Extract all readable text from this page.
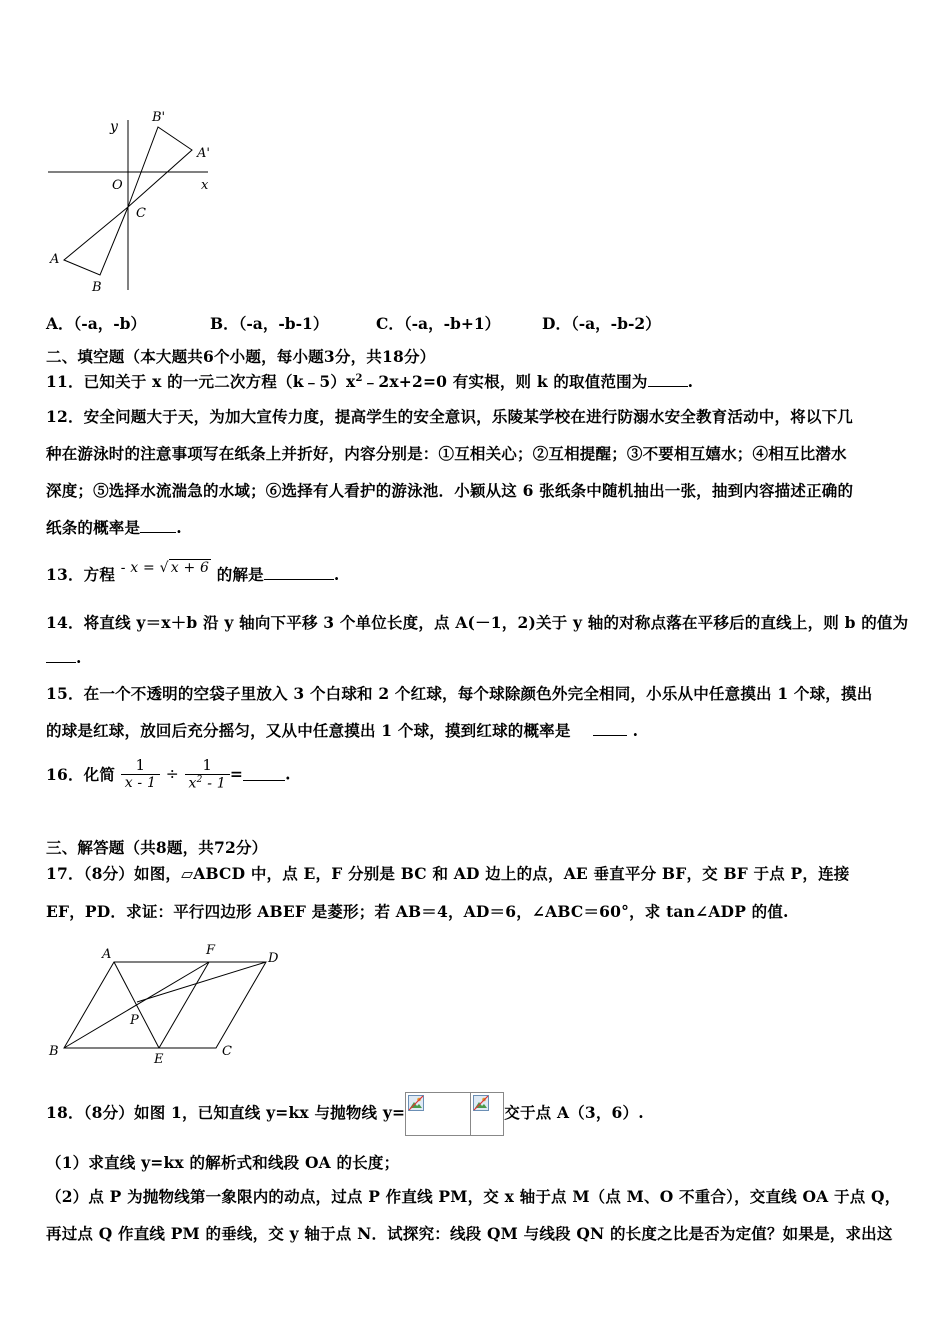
y
B'
A'
O	x
C
A
B
A．（-a，-b）	B．（-a，-b-1）	C．（-a，-b+1）	D．（-a，-b-2）
二、填空题（本大题共6个小题，每小题3分，共18分）
11．已知关于 x 的一元二次方程$(k﹣5)x^2﹣2x+2=0$ 有实根，则 k 的取值范围为	.
12．安全问题大于天，为加大宣传力度，提高学生的安全意识，乐陵某学校在进行防溺水安全教育活动中，将以下几
种在游泳时的注意事项写在纸条上并折好，内容分别是：①互相关心；②互相提醒；③不要相互嬉水；④相互比潜水
深度；⑤选择水流湍急的水域；⑥选择有人看护的游泳池．小颖从这 6 张纸条中随机抽出一张，抽到内容描述正确的
纸条的概率是 .
13．方程 - x = √ x + 6 的解是	.
14．将直线 y＝x＋b 沿 y 轴向下平移 3 个单位长度，点 A(－1，2)关于 y 轴的对称点落在平移后的直线上，则 b 的值为
.
15．在一个不透明的空袋子里放入 3 个白球和 2 个红球，每个球除颜色外完全相同，小乐从中任意摸出 1 个球，摸出
的球是红球，放回后充分摇匀，又从中任意摸出 1 个球，摸到红球的概率是	.
16．化简 $\frac{1}{x - 1} \div \frac{1}{x^2 - 1}$ =	.
三、解答题（共8题，共72分）
17．（8分）如图，▱ABCD 中，点 E，F 分别是 BC 和 AD 边上的点，AE 垂直平分 BF，交 BF 于点 P，连接
EF，PD．求证：平行四边形 ABEF 是菱形；若 AB＝4，AD＝6，∠ABC＝60°，求 tan∠ADP 的值.
A	F
D
P
B
E
C
18．（8分）如图 1，已知直线 y=kx 与抛物线 y=	交于点 A（3，6）.
（1）求直线 y=kx 的解析式和线段 OA 的长度；
（2）点 P 为抛物线第一象限内的动点，过点 P 作直线 PM，交 x 轴于点 M（点 M、O 不重合），交直线 OA 于点 Q，
再过点 Q 作直线 PM 的垂线，交 y 轴于点 N．试探究：线段 QM 与线段 QN 的长度之比是否为定值？如果是，求出这
